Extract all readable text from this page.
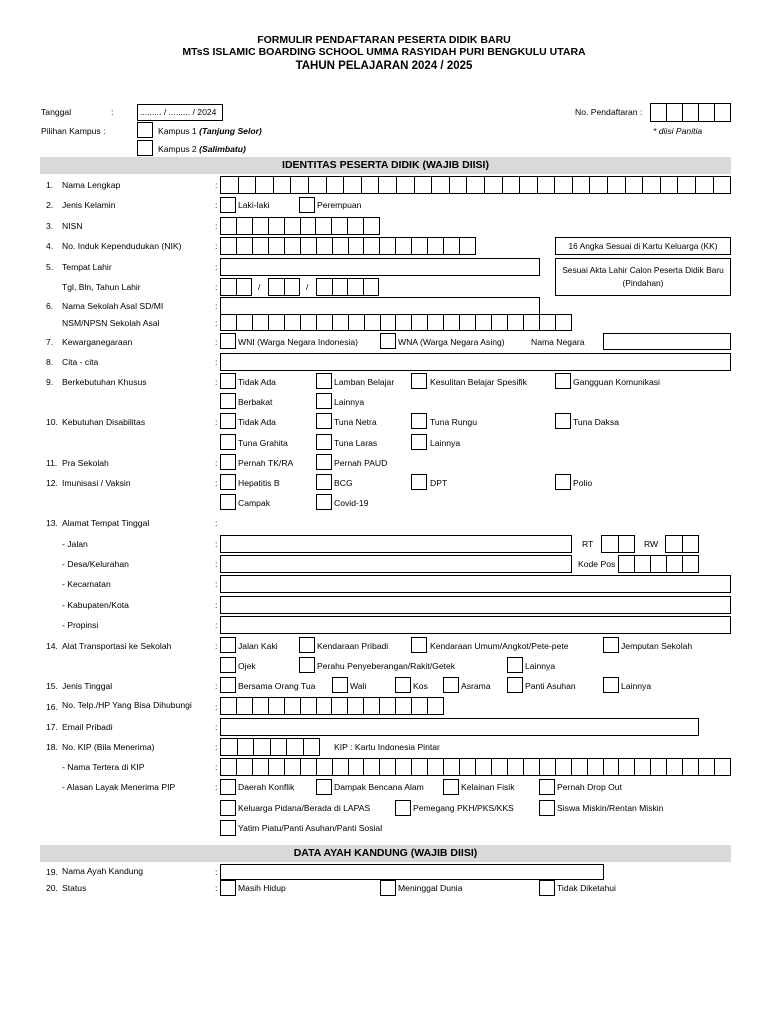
FORMULIR PENDAFTARAN PESERTA DIDIK BARU
MTsS ISLAMIC BOARDING SCHOOL UMMA RASYIDAH PURI BENGKULU UTARA
TAHUN PELAJARAN 2024 / 2025
Tanggal	:	......... / ......... / 2024	No. Pendaftaran :
* diisi Panitia
Pilihan Kampus :	Kampus 1 (Tanjung Selor)
Kampus 2 (Salimbatu)
IDENTITAS PESERTA DIDIK (WAJIB DIISI)
1. Nama Lengkap	:
2. Jenis Kelamin	: Laki-laki	Perempuan
3. NISN	:
4. No. Induk Kependudukan (NIK)	:	16 Angka Sesuai di Kartu Keluarga (KK)
5. Tempat Lahir	:	Sesuai Akta Lahir Calon Peserta Didik Baru (Pindahan)
Tgl, Bln, Tahun Lahir	:	/	/
6. Nama Sekolah Asal SD/MI	:
NSM/NPSN Sekolah Asal	:
7. Kewarganegaraan	: WNI (Warga Negara Indonesia)	WNA (Warga Negara Asing)	Nama Negara
8. Cita - cita	:
9. Berkebutuhan Khusus	: Tidak Ada	Lamban Belajar	Kesulitan Belajar Spesifik	Gangguan Komunikasi
Berbakat	Lainnya
10. Kebutuhan Disabilitas	: Tidak Ada	Tuna Netra	Tuna Rungu	Tuna Daksa
Tuna Grahita	Tuna Laras	Lainnya
11. Pra Sekolah	: Pernah TK/RA	Pernah PAUD
12. Imunisasi / Vaksin	: Hepatitis B	BCG	DPT	Polio
Campak	Covid-19
13. Alamat Tempat Tinggal	:
- Jalan	:	RT	RW
- Desa/Kelurahan	:	Kode Pos
- Kecamatan	:
- Kabupaten/Kota	:
- Propinsi	:
14. Alat Transportasi ke Sekolah	: Jalan Kaki	Kendaraan Pribadi	Kendaraan Umum/Angkot/Pete-pete	Jemputan Sekolah
Ojek	Perahu Penyeberangan/Rakit/Getek	Lainnya
15. Jenis Tinggal	: Bersama Orang Tua	Wali	Kos	Asrama	Panti Asuhan	Lainnya
16. No. Telp./HP Yang Bisa Dihubungi	:
17. Email Pribadi	:
18. No. KIP (Bila Menerima)	:	KIP : Kartu Indonesia Pintar
- Nama Tertera di KIP	:
- Alasan Layak Menerima PIP	: Daerah Konflik	Dampak Bencana Alam	Kelainan Fisik	Pernah Drop Out
Keluarga Pidana/Berada di LAPAS	Pemegang PKH/PKS/KKS	Siswa Miskin/Rentan Miskin
Yatim Piatu/Panti Asuhan/Panti Sosial
DATA AYAH KANDUNG (WAJIB DIISI)
19. Nama Ayah Kandung	:
20. Status	: Masih Hidup	Meninggal Dunia	Tidak Diketahui
